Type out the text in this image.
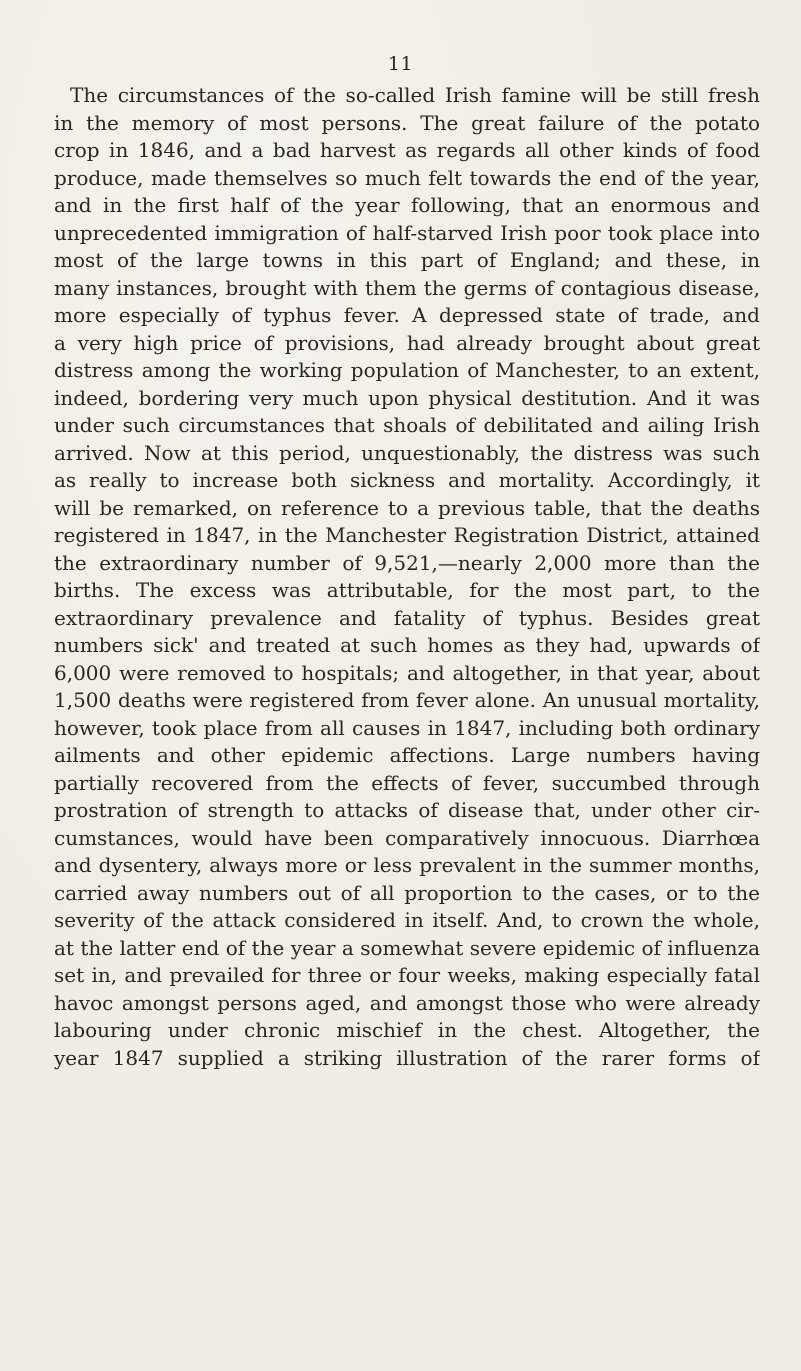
11
The circumstances of the so-called Irish famine will be still fresh
in the memory of most persons. The great failure of the potato
crop in 1846, and a bad harvest as regards all other kinds of food
produce, made themselves so much felt towards the end of the year,
and in the first half of the year following, that an enormous and
unprecedented immigration of half-starved Irish poor took place into
most of the large towns in this part of England; and these, in
many instances, brought with them the germs of contagious disease,
more especially of typhus fever. A depressed state of trade, and
a very high price of provisions, had already brought about great
distress among the working population of Manchester, to an extent,
indeed, bordering very much upon physical destitution. And it was
under such circumstances that shoals of debilitated and ailing Irish
arrived. Now at this period, unquestionably, the distress was such
as really to increase both sickness and mortality. Accordingly, it
will be remarked, on reference to a previous table, that the deaths
registered in 1847, in the Manchester Registration District, attained
the extraordinary number of 9,521,—nearly 2,000 more than the
births. The excess was attributable, for the most part, to the
extraordinary prevalence and fatality of typhus. Besides great
numbers sick' and treated at such homes as they had, upwards of
6,000 were removed to hospitals; and altogether, in that year, about
1,500 deaths were registered from fever alone. An unusual mortality,
however, took place from all causes in 1847, including both ordinary
ailments and other epidemic affections. Large numbers having
partially recovered from the effects of fever, succumbed through
prostration of strength to attacks of disease that, under other cir-
cumstances, would have been comparatively innocuous. Diarrhœa
and dysentery, always more or less prevalent in the summer months,
carried away numbers out of all proportion to the cases, or to the
severity of the attack considered in itself. And, to crown the whole,
at the latter end of the year a somewhat severe epidemic of influenza
set in, and prevailed for three or four weeks, making especially fatal
havoc amongst persons aged, and amongst those who were already
labouring under chronic mischief in the chest. Altogether, the
year 1847 supplied a striking illustration of the rarer forms of
